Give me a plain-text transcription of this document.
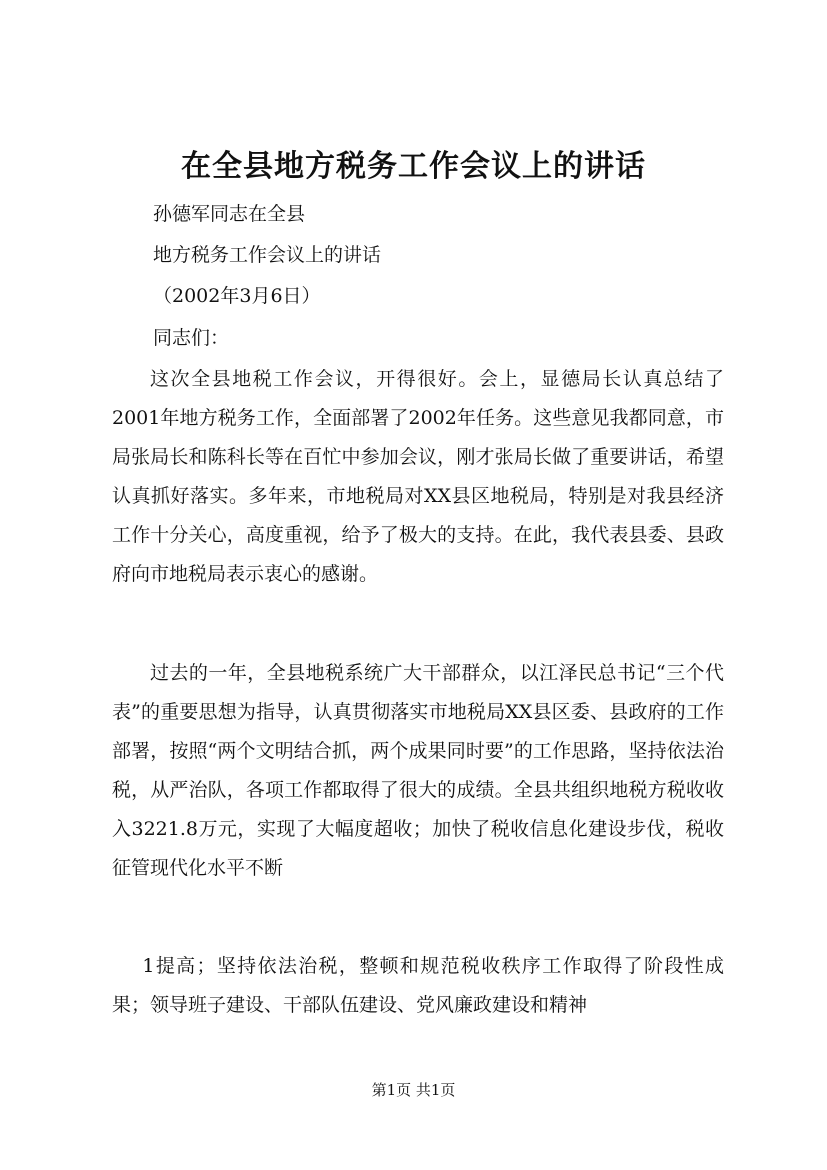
在全县地方税务工作会议上的讲话
孙德军同志在全县
地方税务工作会议上的讲话
（2002年3月6日）
同志们：

这次全县地税工作会议，开得很好。会上，显德局长认真总结了2001年地方税务工作，全面部署了2002年任务。这些意见我都同意，市局张局长和陈科长等在百忙中参加会议，刚才张局长做了重要讲话，希望认真抓好落实。多年来，市地税局对XX县区地税局，特别是对我县经济工作十分关心，高度重视，给予了极大的支持。在此，我代表县委、县政府向市地税局表示衷心的感谢。

过去的一年，全县地税系统广大干部群众，以江泽民总书记“三个代表”的重要思想为指导，认真贯彻落实市地税局XX县区委、县政府的工作部署，按照“两个文明结合抓，两个成果同时要”的工作思路，坚持依法治税，从严治队，各项工作都取得了很大的成绩。全县共组织地税方税收收入3221.8万元，实现了大幅度超收；加快了税收信息化建设步伐，税收征管现代化水平不断

1提高；坚持依法治税，整顿和规范税收秩序工作取得了阶段性成果；领导班子建设、干部队伍建设、党风廉政建设和精神

第1页 共1页
